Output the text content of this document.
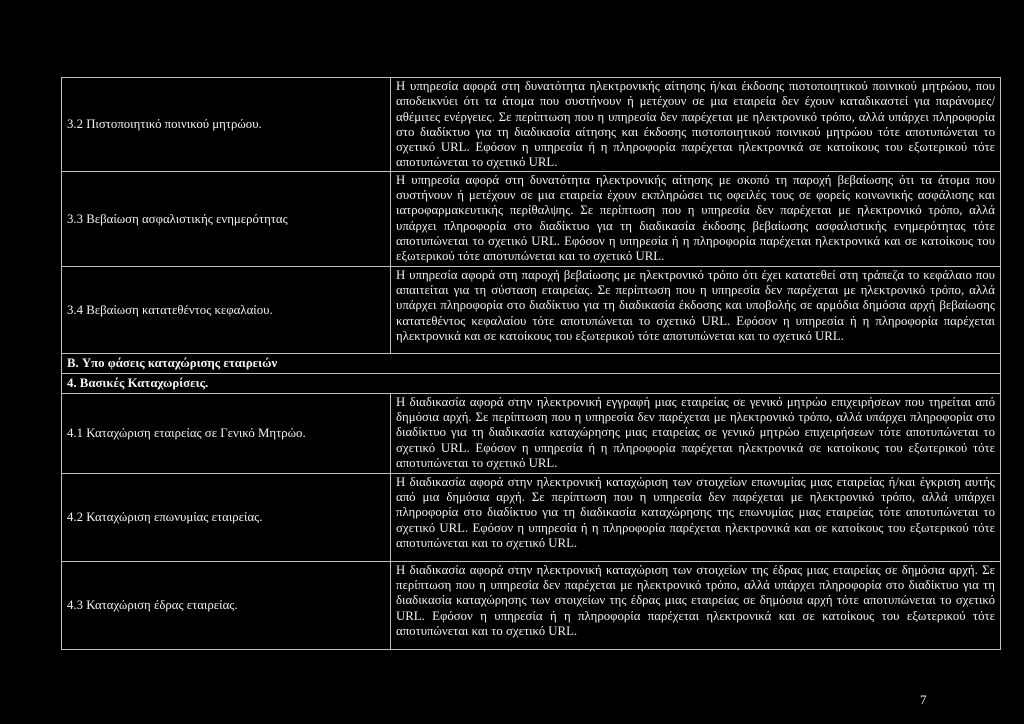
3.2 Πιστοποιητικό ποινικού μητρώου.	Η υπηρεσία αφορά στη δυνατότητα ηλεκτρονικής αίτησης ή/και έκδοσης πιστοποιητικού ποινικού μητρώου, που αποδεικνύει ότι τα άτομα που συστήνουν ή μετέχουν σε μια εταιρεία δεν έχουν καταδικαστεί για παράνομες/αθέμιτες ενέργειες. Σε περίπτωση που η υπηρεσία δεν παρέχεται με ηλεκτρονικό τρόπο, αλλά υπάρχει πληροφορία στο διαδίκτυο για τη διαδικασία αίτησης και έκδοσης πιστοποιητικού ποινικού μητρώου τότε αποτυπώνεται το σχετικό URL. Εφόσον η υπηρεσία ή η πληροφορία παρέχεται ηλεκτρονικά σε κατοίκους του εξωτερικού τότε αποτυπώνεται το σχετικό URL.
3.3 Βεβαίωση ασφαλιστικής ενημερότητας	Η υπηρεσία αφορά στη δυνατότητα ηλεκτρονικής αίτησης με σκοπό τη παροχή βεβαίωσης ότι τα άτομα που συστήνουν ή μετέχουν σε μια εταιρεία έχουν εκπληρώσει τις οφειλές τους σε φορείς κοινωνικής ασφάλισης και ιατροφαρμακευτικής περίθαλψης. Σε περίπτωση που η υπηρεσία δεν παρέχεται με ηλεκτρονικό τρόπο, αλλά υπάρχει πληροφορία στο διαδίκτυο για τη διαδικασία έκδοσης βεβαίωσης ασφαλιστικής ενημερότητας τότε αποτυπώνεται το σχετικό URL. Εφόσον η υπηρεσία ή η πληροφορία παρέχεται ηλεκτρονικά και σε κατοίκους του εξωτερικού τότε αποτυπώνεται και το σχετικό URL.
3.4 Βεβαίωση κατατεθέντος κεφαλαίου.	Η υπηρεσία αφορά στη παροχή βεβαίωσης με ηλεκτρονικό τρόπο ότι έχει κατατεθεί στη τράπεζα το κεφάλαιο που απαιτείται για τη σύσταση εταιρείας. Σε περίπτωση που η υπηρεσία δεν παρέχεται με ηλεκτρονικό τρόπο, αλλά υπάρχει πληροφορία στο διαδίκτυο για τη διαδικασία έκδοσης και υποβολής σε αρμόδια δημόσια αρχή βεβαίωσης κατατεθέντος κεφαλαίου τότε αποτυπώνεται το σχετικό URL. Εφόσον η υπηρεσία ή η πληροφορία παρέχεται ηλεκτρονικά και σε κατοίκους του εξωτερικού τότε αποτυπώνεται και το σχετικό URL.
B. Υπο φάσεις καταχώρισης εταιρειών	
4. Βασικές Καταχωρίσεις.	
4.1 Καταχώριση εταιρείας σε Γενικό Μητρώο.	Η διαδικασία αφορά στην ηλεκτρονική εγγραφή μιας εταιρείας σε γενικό μητρώο επιχειρήσεων που τηρείται από δημόσια αρχή. Σε περίπτωση που η υπηρεσία δεν παρέχεται με ηλεκτρονικό τρόπο, αλλά υπάρχει πληροφορία στο διαδίκτυο για τη διαδικασία καταχώρησης μιας εταιρείας σε γενικό μητρώο επιχειρήσεων τότε αποτυπώνεται το σχετικό URL. Εφόσον η υπηρεσία ή η πληροφορία παρέχεται ηλεκτρονικά σε κατοίκους του εξωτερικού τότε αποτυπώνεται το σχετικό URL.
4.2 Καταχώριση επωνυμίας εταιρείας.	Η διαδικασία αφορά στην ηλεκτρονική καταχώριση των στοιχείων επωνυμίας μιας εταιρείας ή/και έγκριση αυτής από μια δημόσια αρχή. Σε περίπτωση που η υπηρεσία δεν παρέχεται με ηλεκτρονικό τρόπο, αλλά υπάρχει πληροφορία στο διαδίκτυο για τη διαδικασία καταχώρησης της επωνυμίας μιας εταιρείας τότε αποτυπώνεται το σχετικό URL. Εφόσον η υπηρεσία ή η πληροφορία παρέχεται ηλεκτρονικά και σε κατοίκους του εξωτερικού τότε αποτυπώνεται και το σχετικό URL.
4.3 Καταχώριση έδρας εταιρείας.	Η διαδικασία αφορά στην ηλεκτρονική καταχώριση των στοιχείων της έδρας μιας εταιρείας σε δημόσια αρχή. Σε περίπτωση που η υπηρεσία δεν παρέχεται με ηλεκτρονικό τρόπο, αλλά υπάρχει πληροφορία στο διαδίκτυο για τη διαδικασία καταχώρησης των στοιχείων της έδρας μιας εταιρείας σε δημόσια αρχή τότε αποτυπώνεται το σχετικό URL. Εφόσον η υπηρεσία ή η πληροφορία παρέχεται ηλεκτρονικά και σε κατοίκους του εξωτερικού τότε αποτυπώνεται και το σχετικό URL.
7
